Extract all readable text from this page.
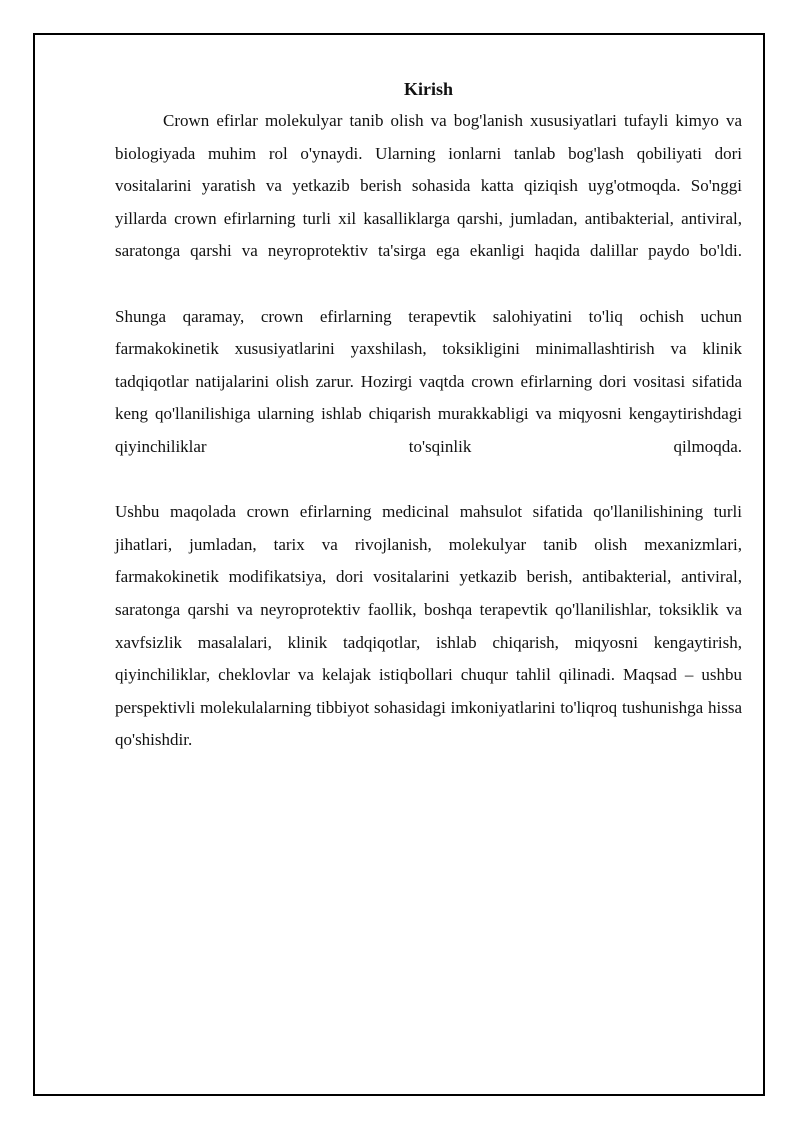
Kirish

Crown efirlar molekulyar tanib olish va bog'lanish xususiyatlari tufayli kimyo va biologiyada muhim rol o'ynaydi. Ularning ionlarni tanlab bog'lash qobiliyati dori vositalarini yaratish va yetkazib berish sohasida katta qiziqish uyg'otmoqda. So'nggi yillarda crown efirlarning turli xil kasalliklarga qarshi, jumladan, antibakterial, antiviral, saratonga qarshi va neyroprotektiv ta'sirga ega ekanligi haqida dalillar paydo bo'ldi.

Shunga qaramay, crown efirlarning terapevtik salohiyatini to'liq ochish uchun farmakokinetik xususiyatlarini yaxshilash, toksikligini minimallashtirish va klinik tadqiqotlar natijalarini olish zarur. Hozirgi vaqtda crown efirlarning dori vositasi sifatida keng qo'llanilishiga ularning ishlab chiqarish murakkabligi va miqyosni kengaytirishdagi qiyinchiliklar to'sqinlik qilmoqda.

Ushbu maqolada crown efirlarning medicinal mahsulot sifatida qo'llanilishining turli jihatlari, jumladan, tarix va rivojlanish, molekulyar tanib olish mexanizmlari, farmakokinetik modifikatsiya, dori vositalarini yetkazib berish, antibakterial, antiviral, saratonga qarshi va neyroprotektiv faollik, boshqa terapevtik qo'llanilishlar, toksiklik va xavfsizlik masalalari, klinik tadqiqotlar, ishlab chiqarish, miqyosni kengaytirish, qiyinchiliklar, cheklovlar va kelajak istiqbollari chuqur tahlil qilinadi. Maqsad – ushbu perspektivli molekulalarning tibbiyot sohasidagi imkoniyatlarini to'liqroq tushunishga hissa qo'shishdir.
